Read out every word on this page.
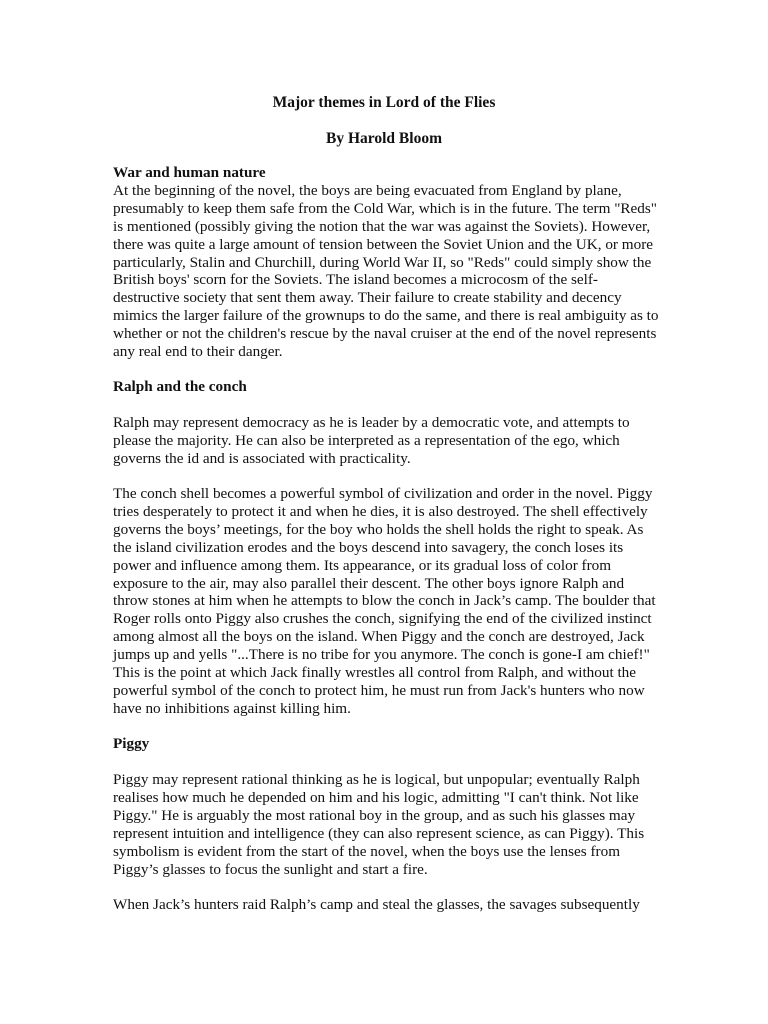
Major themes in Lord of the Flies
By Harold Bloom
War and human nature

At the beginning of the novel, the boys are being evacuated from England by plane,
presumably to keep them safe from the Cold War, which is in the future. The term "Reds"
is mentioned (possibly giving the notion that the war was against the Soviets). However,
there was quite a large amount of tension between the Soviet Union and the UK, or more
particularly, Stalin and Churchill, during World War II, so "Reds" could simply show the
British boys' scorn for the Soviets. The island becomes a microcosm of the self-
destructive society that sent them away. Their failure to create stability and decency
mimics the larger failure of the grownups to do the same, and there is real ambiguity as to
whether or not the children's rescue by the naval cruiser at the end of the novel represents
any real end to their danger.

Ralph and the conch

Ralph may represent democracy as he is leader by a democratic vote, and attempts to
please the majority. He can also be interpreted as a representation of the ego, which
governs the id and is associated with practicality.

The conch shell becomes a powerful symbol of civilization and order in the novel. Piggy
tries desperately to protect it and when he dies, it is also destroyed. The shell effectively
governs the boys’ meetings, for the boy who holds the shell holds the right to speak. As
the island civilization erodes and the boys descend into savagery, the conch loses its
power and influence among them. Its appearance, or its gradual loss of color from
exposure to the air, may also parallel their descent. The other boys ignore Ralph and
throw stones at him when he attempts to blow the conch in Jack’s camp. The boulder that
Roger rolls onto Piggy also crushes the conch, signifying the end of the civilized instinct
among almost all the boys on the island. When Piggy and the conch are destroyed, Jack
jumps up and yells "...There is no tribe for you anymore. The conch is gone-I am chief!"
This is the point at which Jack finally wrestles all control from Ralph, and without the
powerful symbol of the conch to protect him, he must run from Jack's hunters who now
have no inhibitions against killing him.

Piggy

Piggy may represent rational thinking as he is logical, but unpopular; eventually Ralph
realises how much he depended on him and his logic, admitting "I can't think. Not like
Piggy." He is arguably the most rational boy in the group, and as such his glasses may
represent intuition and intelligence (they can also represent science, as can Piggy). This
symbolism is evident from the start of the novel, when the boys use the lenses from
Piggy’s glasses to focus the sunlight and start a fire.

When Jack’s hunters raid Ralph’s camp and steal the glasses, the savages subsequently
